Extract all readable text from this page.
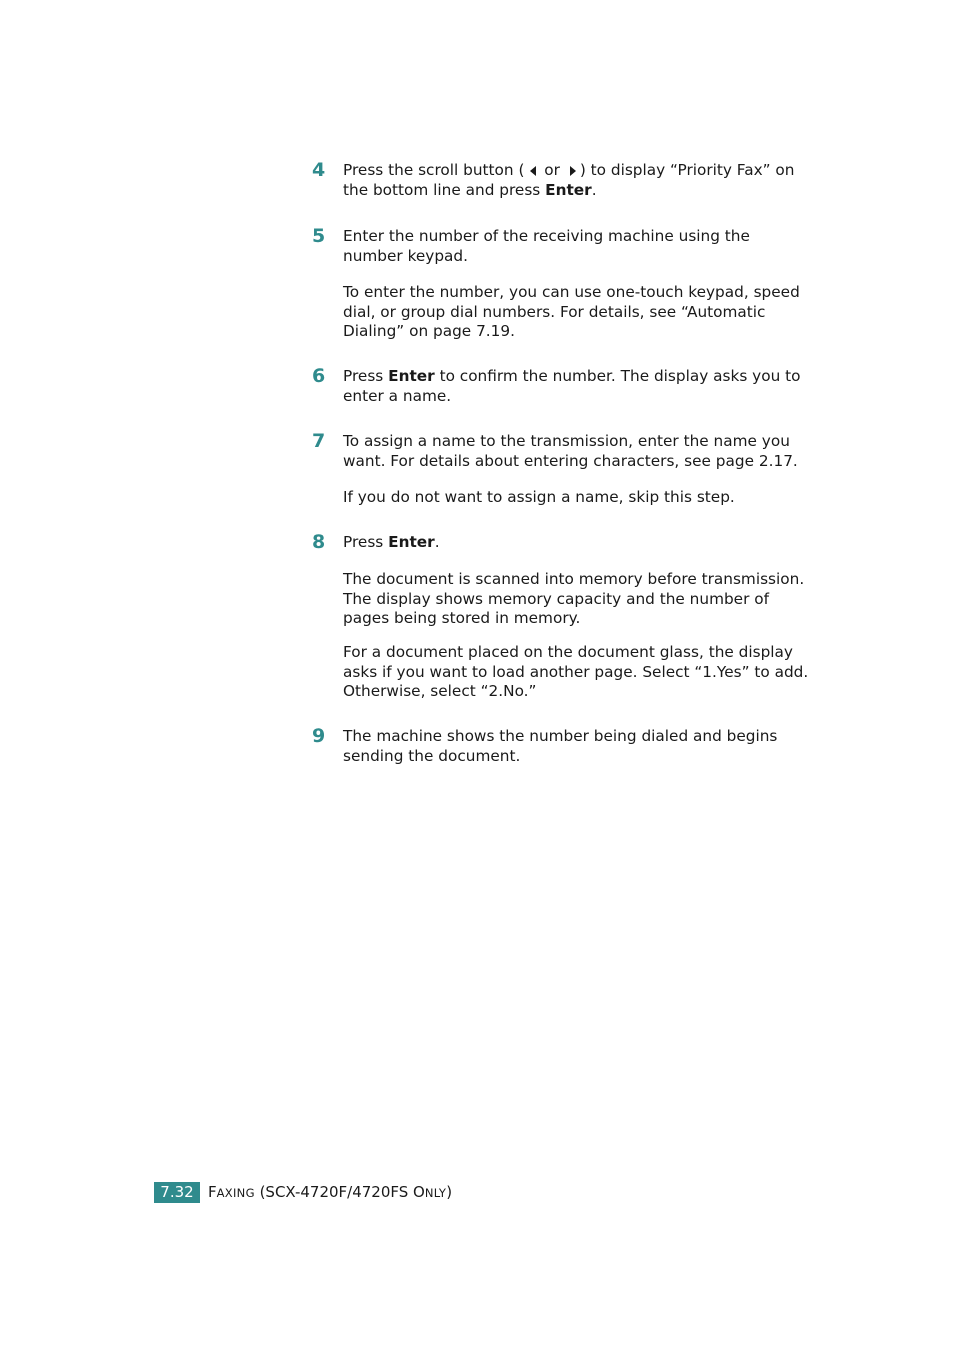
4 Press the scroll button ( or ) to display “Priority Fax” on the bottom line and press Enter.
5 Enter the number of the receiving machine using the number keypad.
To enter the number, you can use one-touch keypad, speed dial, or group dial numbers. For details, see “Automatic Dialing” on page 7.19.
6 Press Enter to confirm the number. The display asks you to enter a name.
7 To assign a name to the transmission, enter the name you want. For details about entering characters, see page 2.17.
If you do not want to assign a name, skip this step.
8 Press Enter.
The document is scanned into memory before transmission. The display shows memory capacity and the number of pages being stored in memory.
For a document placed on the document glass, the display asks if you want to load another page. Select “1.Yes” to add. Otherwise, select “2.No.”
9 The machine shows the number being dialed and begins sending the document.
7.32 FAXING (SCX-4720F/4720FS ONLY)
